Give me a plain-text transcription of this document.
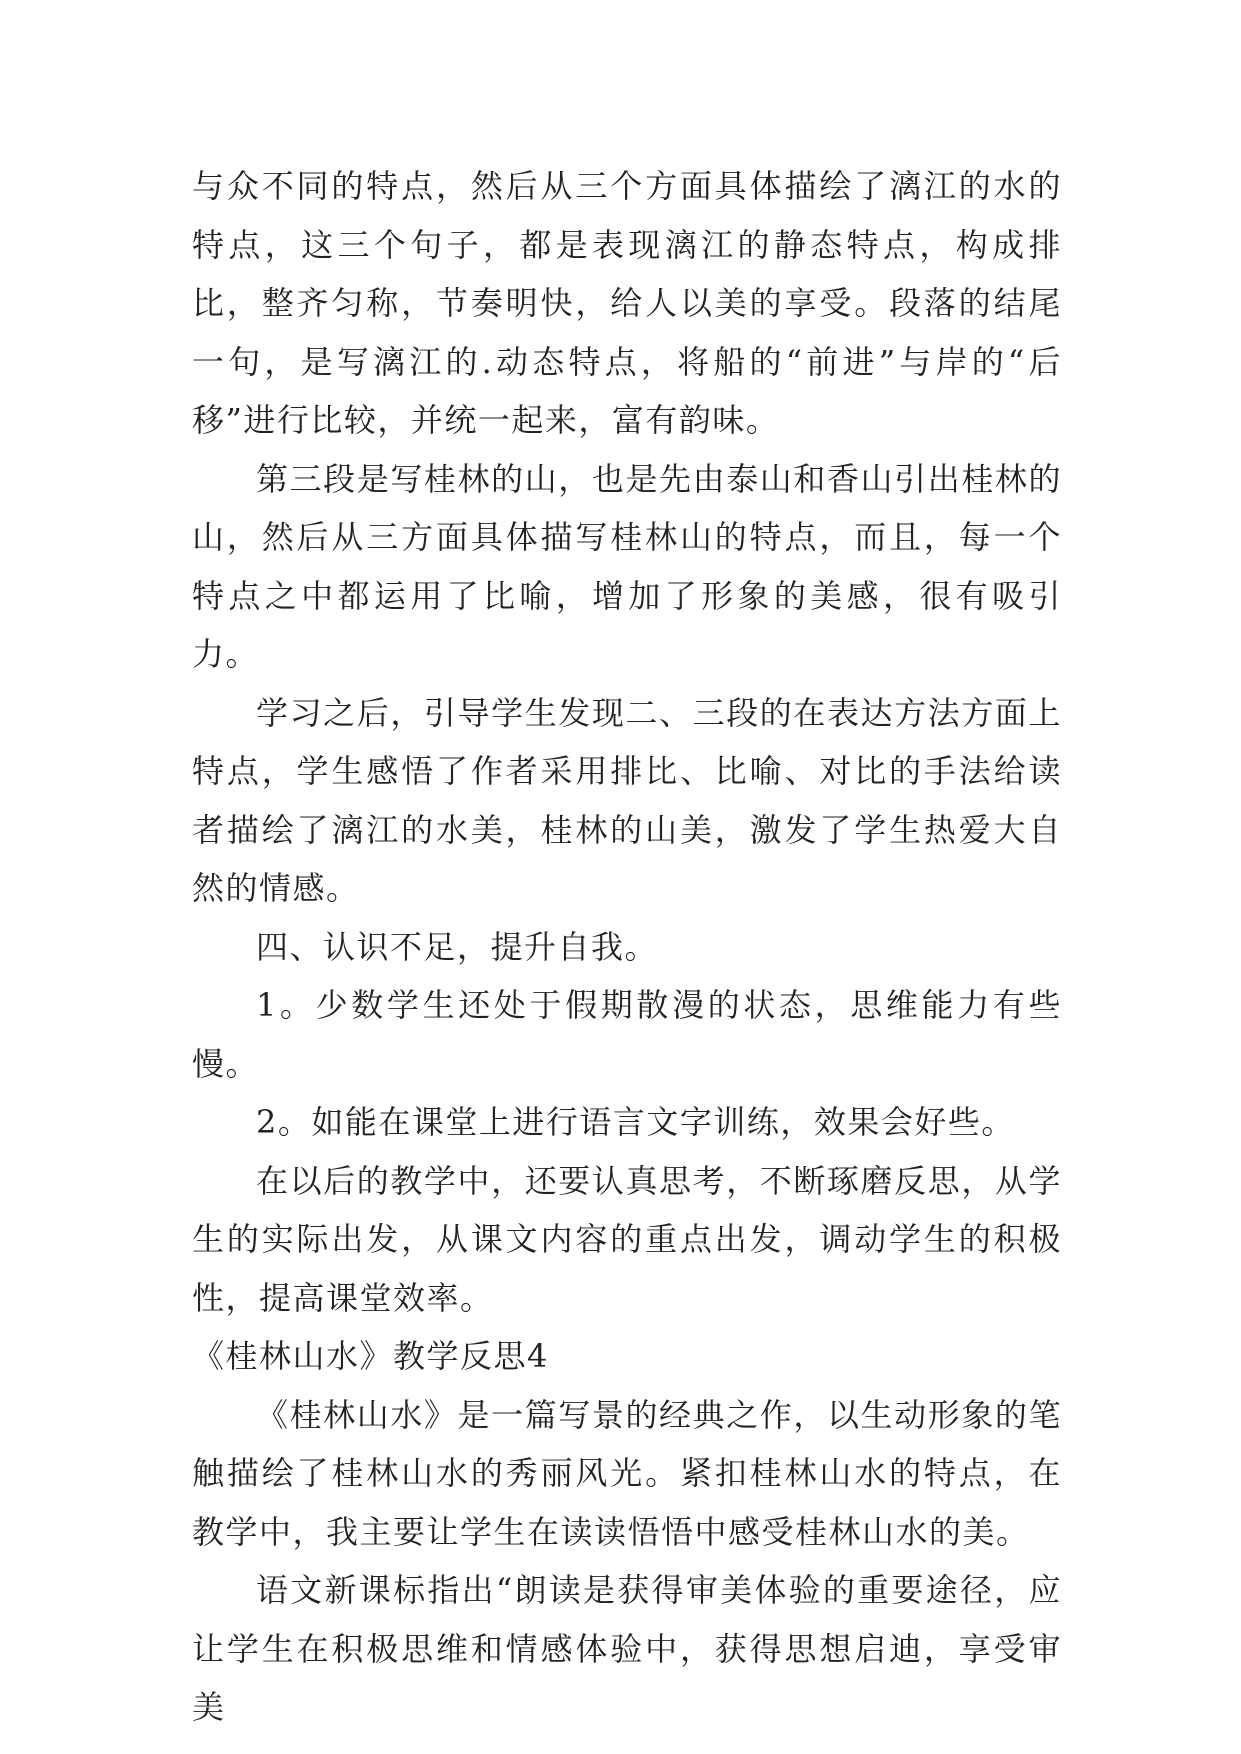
与众不同的特点，然后从三个方面具体描绘了漓江的水的特点，这三个句子，都是表现漓江的静态特点，构成排比，整齐匀称，节奏明快，给人以美的享受。段落的结尾一句，是写漓江的.动态特点，将船的“前进”与岸的“后移”进行比较，并统一起来，富有韵味。

第三段是写桂林的山，也是先由泰山和香山引出桂林的山，然后从三方面具体描写桂林山的特点，而且，每一个特点之中都运用了比喻，增加了形象的美感，很有吸引力。

学习之后，引导学生发现二、三段的在表达方法方面上特点，学生感悟了作者采用排比、比喻、对比的手法给读者描绘了漓江的水美，桂林的山美，激发了学生热爱大自然的情感。

四、认识不足，提升自我。

1。少数学生还处于假期散漫的状态，思维能力有些慢。

2。如能在课堂上进行语言文字训练，效果会好些。

在以后的教学中，还要认真思考，不断琢磨反思，从学生的实际出发，从课文内容的重点出发，调动学生的积极性，提高课堂效率。

《桂林山水》教学反思4

《桂林山水》是一篇写景的经典之作，以生动形象的笔触描绘了桂林山水的秀丽风光。紧扣桂林山水的特点，在教学中，我主要让学生在读读悟悟中感受桂林山水的美。

语文新课标指出“朗读是获得审美体验的重要途径，应让学生在积极思维和情感体验中，获得思想启迪，享受审美
